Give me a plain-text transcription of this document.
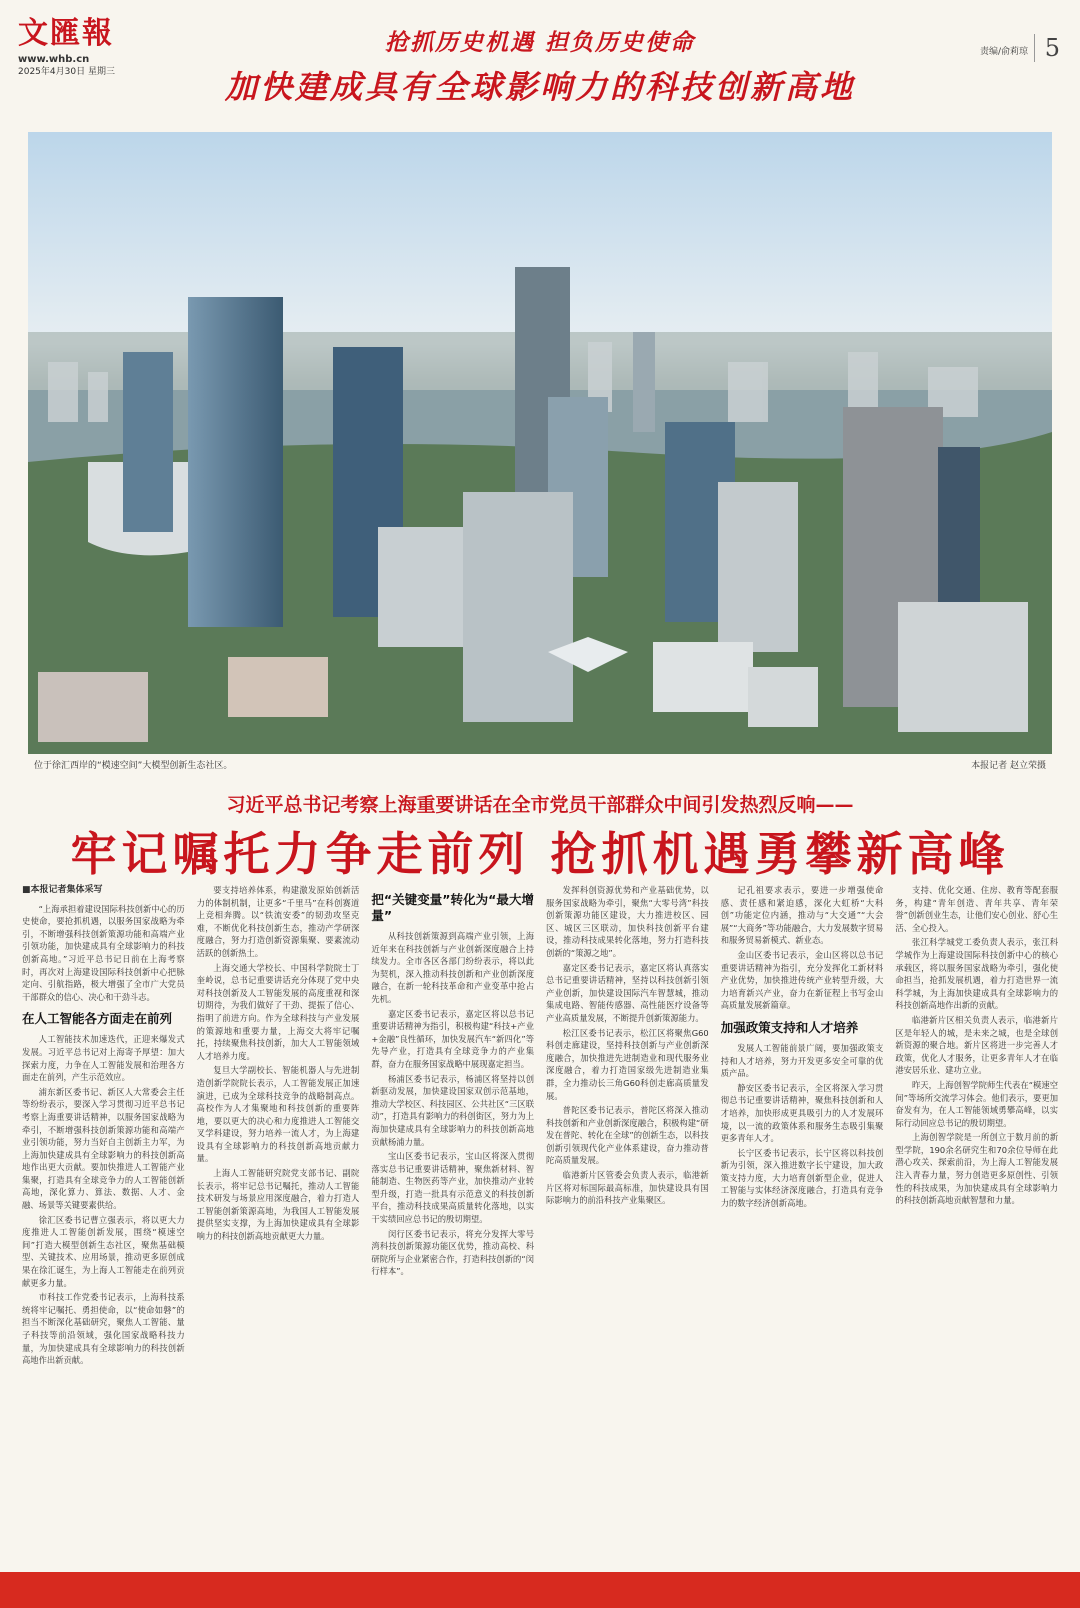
文匯報
www.whb.cn
2025年4月30日 星期三
抢抓历史机遇 担负历史使命
加快建成具有全球影响力的科技创新高地
责编/俞莉琼 5
位于徐汇西岸的“模速空间”大模型创新生态社区。	本报记者 赵立荣摄
习近平总书记考察上海重要讲话在全市党员干部群众中间引发热烈反响——
牢记嘱托力争走前列 抢抓机遇勇攀新高峰
■本报记者集体采写

“上海承担着建设国际科技创新中心的历史使命，要抢抓机遇，以服务国家战略为牵引，不断增强科技创新策源功能和高端产业引领功能，加快建成具有全球影响力的科技创新高地。”习近平总书记日前在上海考察时，再次对上海建设国际科技创新中心把脉定向、引航指路，极大增强了全市广大党员干部群众的信心、决心和干劲斗志。

在人工智能各方面走在前列

人工智能技术加速迭代，正迎来爆发式发展。习近平总书记对上海寄予厚望：加大探索力度，力争在人工智能发展和治理各方面走在前列，产生示范效应。

浦东新区委书记、新区人大常委会主任等纷纷表示，要深入学习贯彻习近平总书记考察上海重要讲话精神，以服务国家战略为牵引，不断增强科技创新策源功能和高端产业引领功能，努力当好自主创新主力军，为上海加快建成具有全球影响力的科技创新高地作出更大贡献。要加快推进人工智能产业集聚，打造具有全球竞争力的人工智能创新高地，深化算力、算法、数据、人才、金融、场景等关键要素供给。

徐汇区委书记曹立强表示，将以更大力度推进人工智能创新发展，围绕“模速空间”打造大模型创新生态社区，聚焦基础模型、关键技术、应用场景，推动更多原创成果在徐汇诞生，为上海人工智能走在前列贡献更多力量。

市科技工作党委书记表示，上海科技系统将牢记嘱托、勇担使命，以“使命如磐”的担当不断深化基础研究，聚焦人工智能、量子科技等前沿领域，强化国家战略科技力量，为加快建成具有全球影响力的科技创新高地作出新贡献。

要支持培养体系，构建激发原始创新活力的体制机制，让更多“千里马”在科创赛道上竞相奔腾。以“铁流安委”的韧劲攻坚克难，不断优化科技创新生态，推动产学研深度融合，努力打造创新资源集聚、要素流动活跃的创新热土。

上海交通大学校长、中国科学院院士丁奎岭说，总书记重要讲话充分体现了党中央对科技创新及人工智能发展的高度重视和深切期待，为我们做好了干劲、提振了信心、指明了前进方向。作为全球科技与产业发展的策源地和重要力量，上海交大将牢记嘱托，持续聚焦科技创新，加大人工智能领域人才培养力度。

复旦大学副校长、智能机器人与先进制造创新学院院长表示，人工智能发展正加速演进，已成为全球科技竞争的战略制高点。高校作为人才集聚地和科技创新的重要阵地，要以更大的决心和力度推进人工智能交叉学科建设，努力培养一流人才，为上海建设具有全球影响力的科技创新高地贡献力量。

上海人工智能研究院党支部书记、副院长表示，将牢记总书记嘱托，推动人工智能技术研发与场景应用深度融合，着力打造人工智能创新策源高地，为我国人工智能发展提供坚实支撑，为上海加快建成具有全球影响力的科技创新高地贡献更大力量。

把“关键变量”转化为“最大增量”

从科技创新策源到高端产业引领，上海近年来在科技创新与产业创新深度融合上持续发力。全市各区各部门纷纷表示，将以此为契机，深入推动科技创新和产业创新深度融合，在新一轮科技革命和产业变革中抢占先机。

嘉定区委书记表示，嘉定区将以总书记重要讲话精神为指引，积极构建“科技+产业+金融”良性循环，加快发展汽车“新四化”等先导产业，打造具有全球竞争力的产业集群，奋力在服务国家战略中展现嘉定担当。

杨浦区委书记表示，杨浦区将坚持以创新驱动发展，加快建设国家双创示范基地，推动大学校区、科技园区、公共社区“三区联动”，打造具有影响力的科创街区，努力为上海加快建成具有全球影响力的科技创新高地贡献杨浦力量。

宝山区委书记表示，宝山区将深入贯彻落实总书记重要讲话精神，聚焦新材料、智能制造、生物医药等产业，加快推动产业转型升级，打造一批具有示范意义的科技创新平台，推动科技成果高质量转化落地，以实干实绩回应总书记的殷切期望。

闵行区委书记表示，将充分发挥大零号湾科技创新策源功能区优势，推动高校、科研院所与企业紧密合作，打造科技创新的“闵行样本”。

发挥科创资源优势和产业基础优势，以服务国家战略为牵引，聚焦“大零号湾”科技创新策源功能区建设，大力推进校区、园区、城区三区联动，加快科技创新平台建设，推动科技成果转化落地，努力打造科技创新的“策源之地”。

嘉定区委书记表示，嘉定区将认真落实总书记重要讲话精神，坚持以科技创新引领产业创新，加快建设国际汽车智慧城，推动集成电路、智能传感器、高性能医疗设备等产业高质量发展，不断提升创新策源能力。

松江区委书记表示，松江区将聚焦G60科创走廊建设，坚持科技创新与产业创新深度融合，加快推进先进制造业和现代服务业深度融合，着力打造国家级先进制造业集群，全力推动长三角G60科创走廊高质量发展。

普陀区委书记表示，普陀区将深入推动科技创新和产业创新深度融合，积极构建“研发在普陀、转化在全球”的创新生态，以科技创新引领现代化产业体系建设，奋力推动普陀高质量发展。

临港新片区管委会负责人表示，临港新片区将对标国际最高标准，加快建设具有国际影响力的前沿科技产业集聚区。

记孔祖要求表示，要进一步增强使命感、责任感和紧迫感，深化大虹桥“大科创”功能定位内涵，推动与“大交通”“大会展”“大商务”等功能融合，大力发展数字贸易和服务贸易新模式、新业态。

金山区委书记表示，金山区将以总书记重要讲话精神为指引，充分发挥化工新材料产业优势，加快推进传统产业转型升级，大力培育新兴产业，奋力在新征程上书写金山高质量发展新篇章。

加强政策支持和人才培养

发展人工智能前景广阔，要加强政策支持和人才培养，努力开发更多安全可靠的优质产品。

静安区委书记表示，全区将深入学习贯彻总书记重要讲话精神，聚焦科技创新和人才培养，加快形成更具吸引力的人才发展环境，以一流的政策体系和服务生态吸引集聚更多青年人才。

长宁区委书记表示，长宁区将以科技创新为引领，深入推进数字长宁建设，加大政策支持力度，大力培育创新型企业，促进人工智能与实体经济深度融合，打造具有竞争力的数字经济创新高地。

支持、优化交通、住房、教育等配套服务，构建“青年创造、青年共享、青年荣誉”创新创业生态，让他们安心创业、舒心生活、全心投入。

张江科学城党工委负责人表示，张江科学城作为上海建设国际科技创新中心的核心承载区，将以服务国家战略为牵引，强化使命担当，抢抓发展机遇，着力打造世界一流科学城，为上海加快建成具有全球影响力的科技创新高地作出新的贡献。

临港新片区相关负责人表示，临港新片区是年轻人的城，是未来之城，也是全球创新资源的聚合地。新片区将进一步完善人才政策，优化人才服务，让更多青年人才在临港安居乐业、建功立业。

昨天，上海创智学院师生代表在“模速空间”等场所交流学习体会。他们表示，要更加奋发有为，在人工智能领域勇攀高峰，以实际行动回应总书记的殷切期望。

上海创智学院是一所创立于数月前的新型学院，190余名研究生和70余位导师在此潜心攻关、探索前沿，为上海人工智能发展注入青春力量，努力创造更多原创性、引领性的科技成果，为加快建成具有全球影响力的科技创新高地贡献智慧和力量。
